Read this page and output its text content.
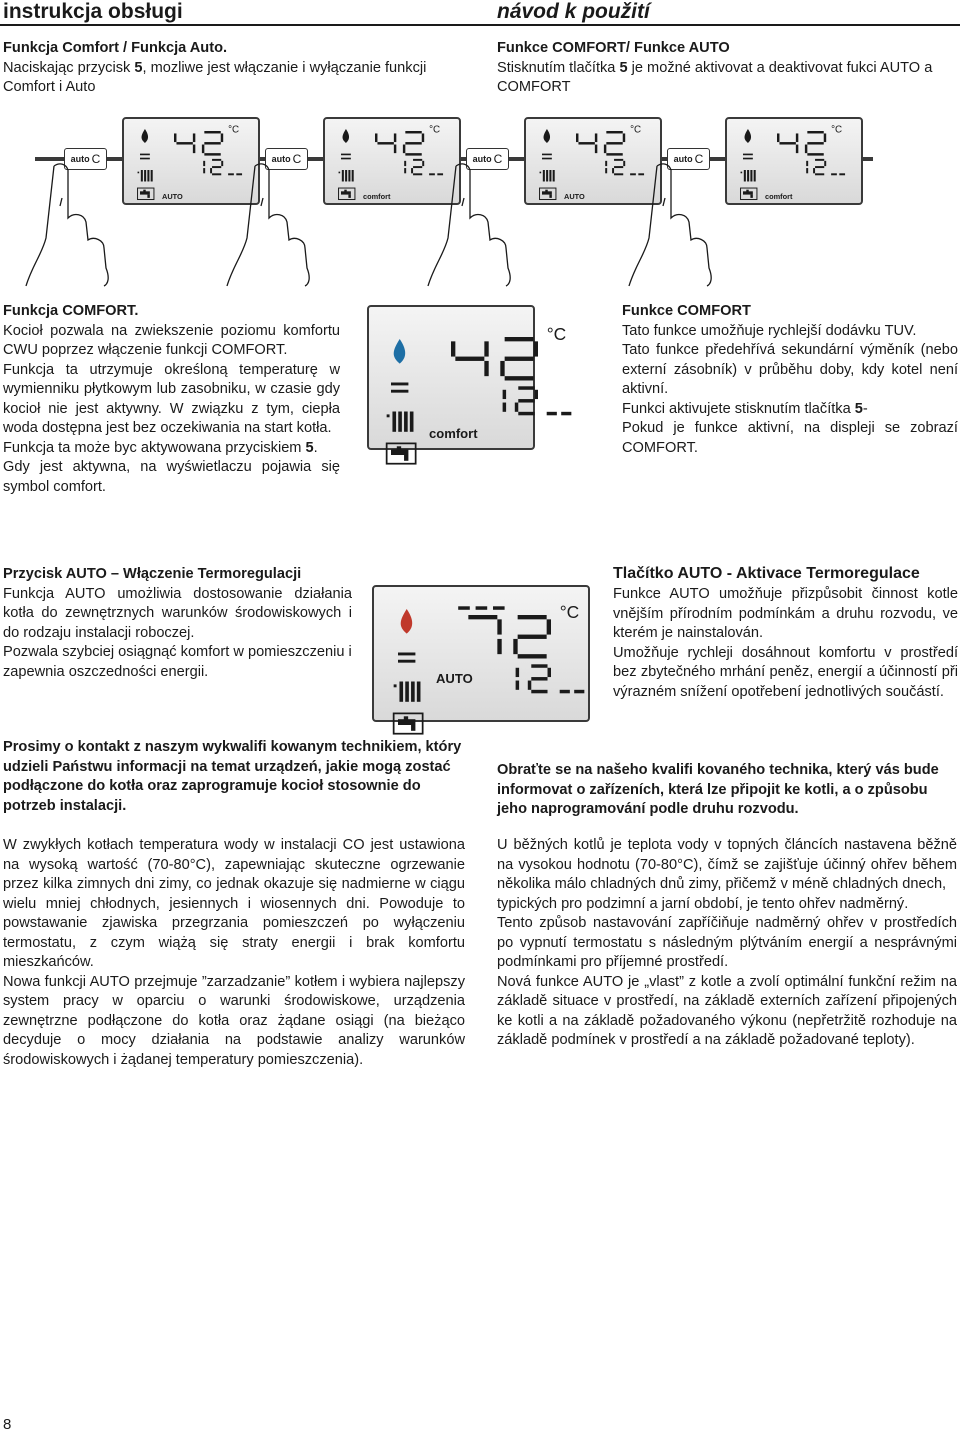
instrukcja obsługi	návod k použití

Funkcja Comfort / Funkcja Auto.

Naciskając przycisk 5, mozliwe jest włączanie i wyłączanie funkcji Comfort i Auto

Funkce COMFORT/ Funkce AUTO

Stisknutím tlačítka 5 je možné aktivovat a deaktivovat fukci AUTO a COMFORT

auto C
°C
AUTO
auto C
°C
comfort
auto C
°C
AUTO
auto C
°C
comfort

Funkcja COMFORT.

Kocioł pozwala na zwiekszenie poziomu komfortu CWU poprzez włączenie funkcji COMFORT.

Funkcja ta utrzymuje określoną temperaturę w wymienniku płytkowym lub zasobniku, w czasie gdy kocioł nie jest aktywny. W związku z tym, ciepła woda dostępna jest bez oczekiwania na start kotła.

Funkcja ta może byc aktywowana przyciskiem 5.

Gdy jest aktywna, na wyświetlaczu pojawia się symbol comfort.

°C
comfort

Funkce COMFORT

Tato funkce umožňuje rychlejší dodávku TUV.

Tato funkce předehřívá sekundární výměník (nebo externí zásobník) v průběhu doby, kdy kotel není aktivní.

Funkci aktivujete stisknutím tlačítka 5-

Pokud je funkce aktivní, na displeji se zobrazí COMFORT.

Przycisk AUTO – Włączenie Termoregulacji

Funkcja AUTO umożliwia dostosowanie działania kotła do zewnętrznych warunków środowiskowych i do rodzaju instalacji roboczej.

Pozwala szybciej osiągnąć komfort w pomieszczeniu i zapewnia oszczedności energii.

°C
AUTO

Tlačítko AUTO - Aktivace Termoregulace

Funkce AUTO umožňuje přizpůsobit činnost kotle vnějším přírodním podmínkám a druhu rozvodu, ve kterém je nainstalován.

Umožňuje rychleji dosáhnout komfortu v prostředí bez zbytečného mrhání peněz, energií a účinností při výrazném snížení opotřebení jednotlivých součástí.

Prosimy o kontakt z naszym wykwalifi kowanym technikiem, który udzieli Państwu informacji na temat urządzeń, jakie mogą zostać podłączone do kotła oraz zaprogramuje kocioł stosownie do potrzeb instalacji.
Obraťte se na našeho kvalifi kovaného technika, který vás bude informovat o zařízeních, která lze připojit ke kotli, a o způsobu jeho naprogramování podle druhu rozvodu.

W zwykłych kotłach temperatura wody w instalacji CO jest ustawiona na wysoką wartość (70-80°C), zapewniając skuteczne ogrzewanie przez kilka zimnych dni zimy, co jednak okazuje się nadmierne w ciągu wielu mniej chłodnych, jesiennych i wiosennych dni. Powoduje to powstawanie zjawiska przegrzania pomieszczeń po wyłączeniu termostatu, z czym wiążą się straty energii i brak komfortu mieszkańców.

Nowa funkcji AUTO przejmuje ”zarzadzanie” kotłem i wybiera najlepszy system pracy w oparciu o warunki środowiskowe, urządzenia zewnętrzne podłączone do kotła oraz żądane osiągi (na bieżąco decyduje o mocy działania na podstawie analizy warunków środowiskowych i żądanej temperatury pomieszczenia).

U běžných kotlů je teplota vody v topných článcích nastavena běžně na vysokou hodnotu (70-80°C), čímž se zajišťuje účinný ohřev během několika málo chladných dnů zimy, přičemž v méně chladných dnech,

typických pro podzimní a jarní období, je tento ohřev nadměrný.

Tento způsob nastavování zapříčiňuje nadměrný ohřev v prostředích po vypnutí termostatu s následným plýtváním energií a nesprávnými podmínkami pro příjemné prostředí.

Nová funkce AUTO je „vlast” z kotle a zvolí optimální funkční režim na základě situace v prostředí, na základě externích zařízení připojených ke kotli a na základě požadovaného výkonu (nepřetržitě rozhoduje na základě podmínek v prostředí a na základě požadované teploty).

8
